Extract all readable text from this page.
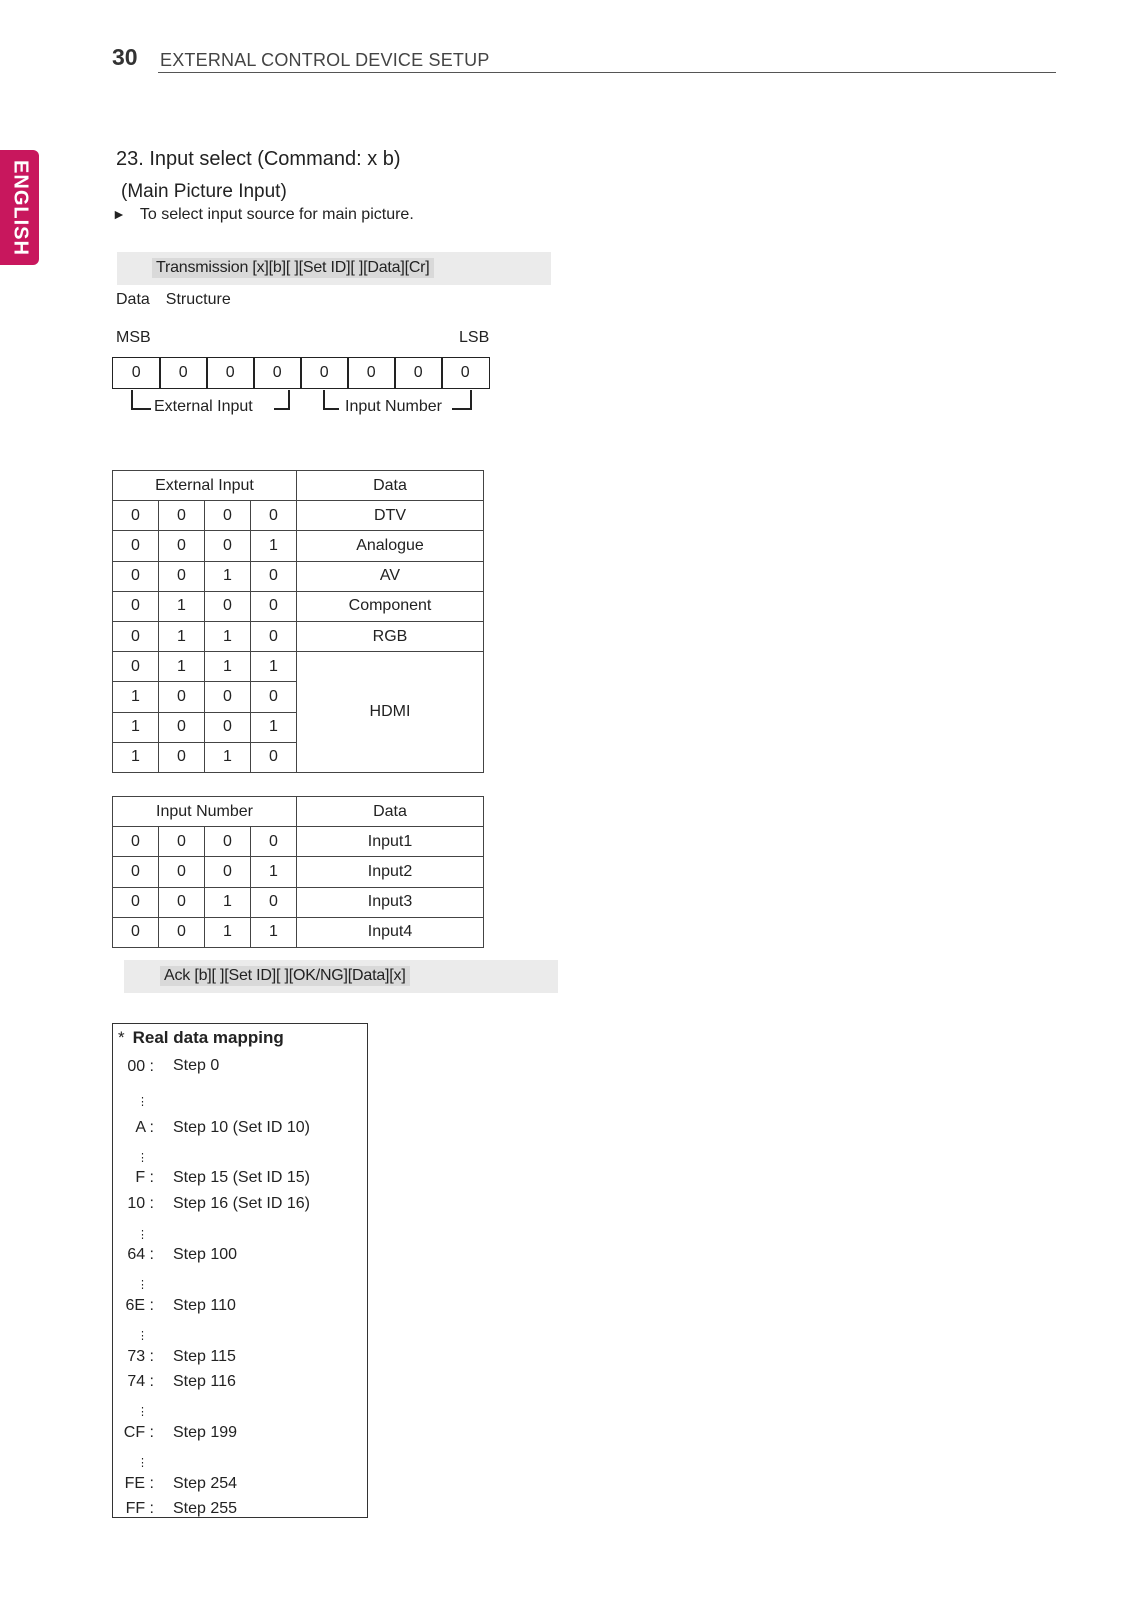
30 EXTERNAL CONTROL DEVICE SETUP
ENGLISH
23. Input select (Command: x b)
(Main Picture Input)
► To select input source for main picture.
Transmission [x][b][ ][Set ID][ ][Data][Cr]
Data Structure
MSB	LSB
0	0	0	0	0	0	0	0
External Input	Input Number
External Input				Data
0	0	0	0	DTV
0	0	0	1	Analogue
0	0	1	0	AV
0	1	0	0	Component
0	1	1	0	RGB
0	1	1	1	HDMI
1	0	0	0	
1	0	0	1	
1	0	1	0	
Input Number				Data
0	0	0	0	Input1
0	0	0	1	Input2
0	0	1	0	Input3
0	0	1	1	Input4
Ack [b][ ][Set ID][ ][OK/NG][Data][x]
* Real data mapping
00 : Step 0
⋮
A : Step 10 (Set ID 10)
⋮
F : Step 15 (Set ID 15)
10 : Step 16 (Set ID 16)
⋮
64 : Step 100
⋮
6E : Step 110
⋮
73 : Step 115
74 : Step 116
⋮
CF : Step 199
⋮
FE : Step 254
FF : Step 255
